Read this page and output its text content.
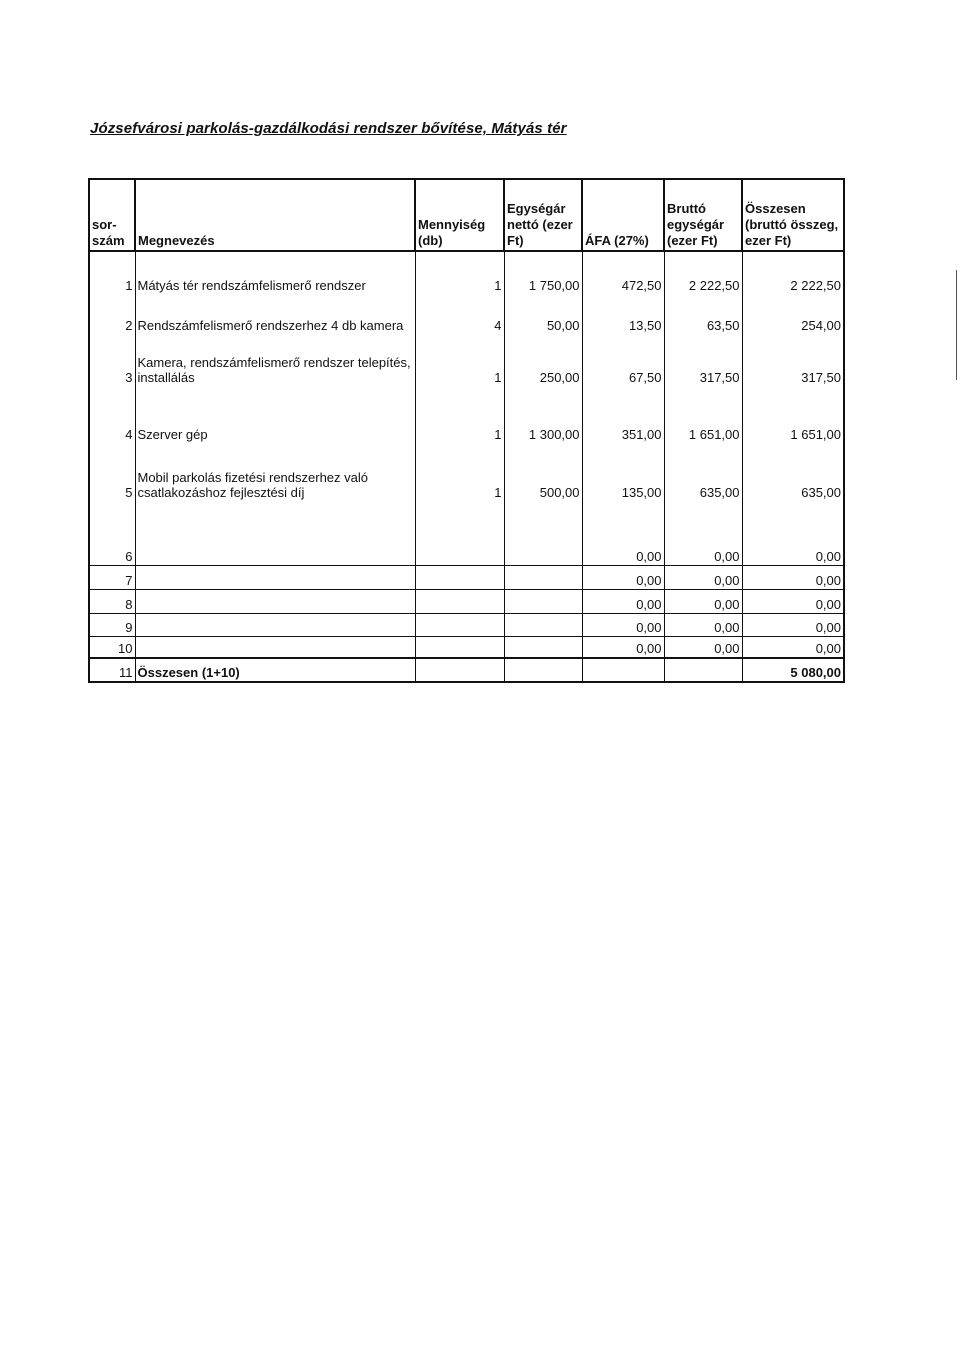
Józsefvárosi parkolás-gazdálkodási rendszer bővítése, Mátyás tér
sor-szám	Megnevezés	Mennyiség (db)	Egységár nettó (ezer Ft)	ÁFA (27%)	Bruttó egységár (ezer Ft)	Összesen (bruttó összeg, ezer Ft)

1	Mátyás tér rendszámfelismerő rendszer	1	1 750,00	472,50	2 222,50	2 222,50
2	Rendszámfelismerő rendszerhez 4 db kamera	4	50,00	13,50	63,50	254,00
3	Kamera, rendszámfelismerő rendszer telepítés, installálás	1	250,00	67,50	317,50	317,50
4	Szerver gép	1	1 300,00	351,00	1 651,00	1 651,00
5	Mobil parkolás fizetési rendszerhez való csatlakozáshoz fejlesztési díj	1	500,00	135,00	635,00	635,00
6				0,00	0,00	0,00
7				0,00	0,00	0,00
8				0,00	0,00	0,00
9				0,00	0,00	0,00
10				0,00	0,00	0,00
11	Összesen (1+10)					5 080,00
